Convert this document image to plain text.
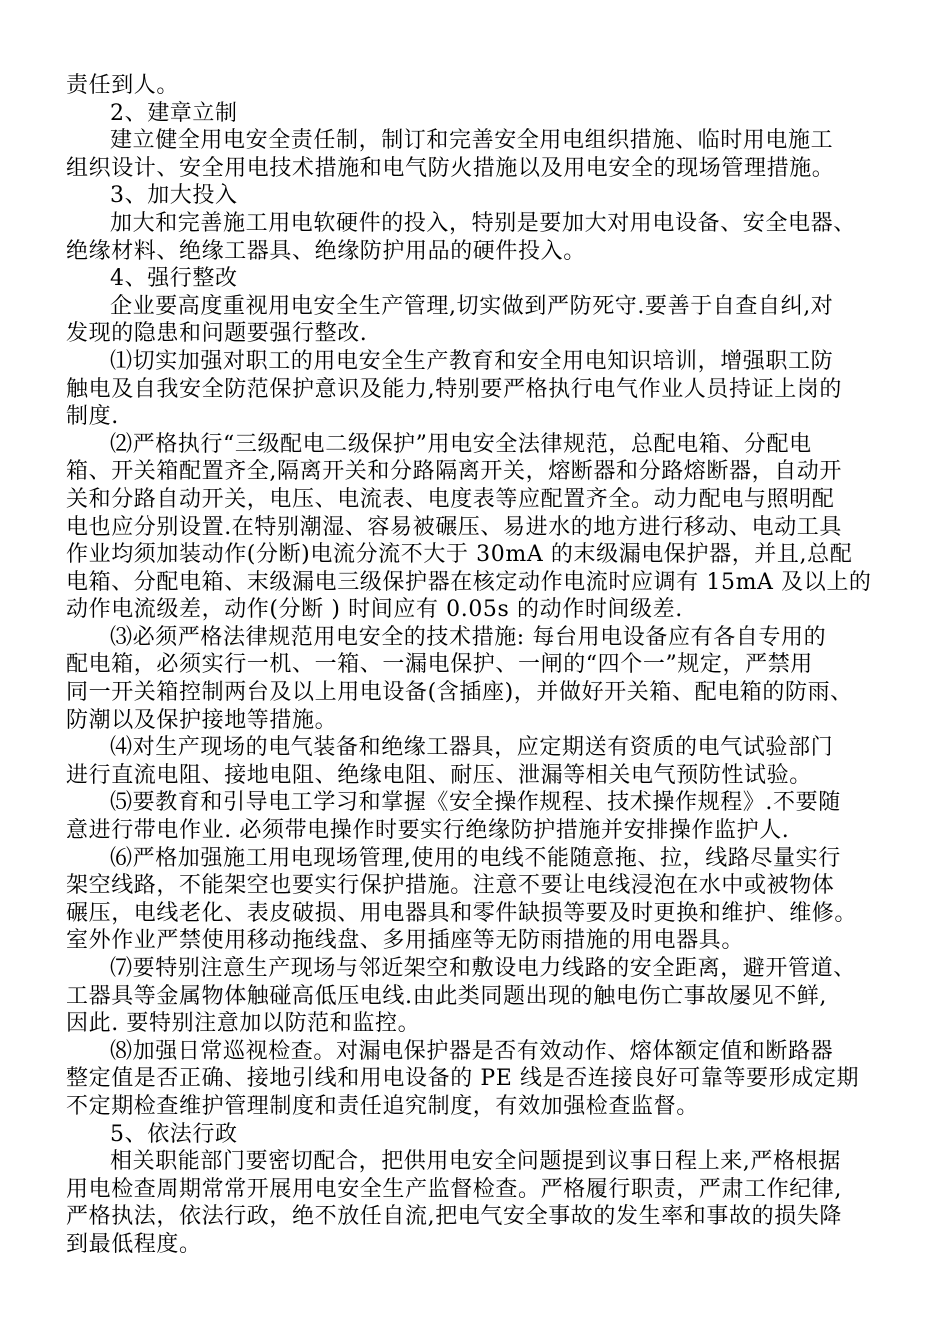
责任到人。
2、建章立制
建立健全用电安全责任制，制订和完善安全用电组织措施、临时用电施工
组织设计、安全用电技术措施和电气防火措施以及用电安全的现场管理措施。
3、加大投入
加大和完善施工用电软硬件的投入，特别是要加大对用电设备、安全电器、
绝缘材料、绝缘工器具、绝缘防护用品的硬件投入。
4、强行整改
企业要高度重视用电安全生产管理,切实做到严防死守.要善于自查自纠,对
发现的隐患和问题要强行整改.
⑴切实加强对职工的用电安全生产教育和安全用电知识培训，增强职工防
触电及自我安全防范保护意识及能力,特别要严格执行电气作业人员持证上岗的
制度.
⑵严格执行“三级配电二级保护”用电安全法律规范，总配电箱、分配电
箱、开关箱配置齐全,隔离开关和分路隔离开关，熔断器和分路熔断器，自动开
关和分路自动开关，电压、电流表、电度表等应配置齐全。动力配电与照明配
电也应分别设置.在特别潮湿、容易被碾压、易进水的地方进行移动、电动工具
作业均须加装动作(分断)电流分流不大于 30mA 的末级漏电保护器，并且,总配
电箱、分配电箱、末级漏电三级保护器在核定动作电流时应调有 15mA 及以上的
动作电流级差，动作(分断 ) 时间应有 0.05s 的动作时间级差.
⑶必须严格法律规范用电安全的技术措施: 每台用电设备应有各自专用的
配电箱，必须实行一机、一箱、一漏电保护、一闸的“四个一”规定，严禁用
同一开关箱控制两台及以上用电设备(含插座)，并做好开关箱、配电箱的防雨、
防潮以及保护接地等措施。
⑷对生产现场的电气装备和绝缘工器具，应定期送有资质的电气试验部门
进行直流电阻、接地电阻、绝缘电阻、耐压、泄漏等相关电气预防性试验。
⑸要教育和引导电工学习和掌握《安全操作规程、技术操作规程》.不要随
意进行带电作业. 必须带电操作时要实行绝缘防护措施并安排操作监护人.
⑹严格加强施工用电现场管理,使用的电线不能随意拖、拉，线路尽量实行
架空线路，不能架空也要实行保护措施。注意不要让电线浸泡在水中或被物体
碾压，电线老化、表皮破损、用电器具和零件缺损等要及时更换和维护、维修。
室外作业严禁使用移动拖线盘、多用插座等无防雨措施的用电器具。
⑺要特别注意生产现场与邻近架空和敷设电力线路的安全距离，避开管道、
工器具等金属物体触碰高低压电线.由此类同题出现的触电伤亡事故屡见不鲜,
因此. 要特别注意加以防范和监控。
⑻加强日常巡视检查。对漏电保护器是否有效动作、熔体额定值和断路器
整定值是否正确、接地引线和用电设备的 PE 线是否连接良好可靠等要形成定期
不定期检查维护管理制度和责任追究制度，有效加强检查监督。
5、依法行政
相关职能部门要密切配合，把供用电安全问题提到议事日程上来,严格根据
用电检查周期常常开展用电安全生产监督检查。严格履行职责，严肃工作纪律,
严格执法，依法行政，绝不放任自流,把电气安全事故的发生率和事故的损失降
到最低程度。
